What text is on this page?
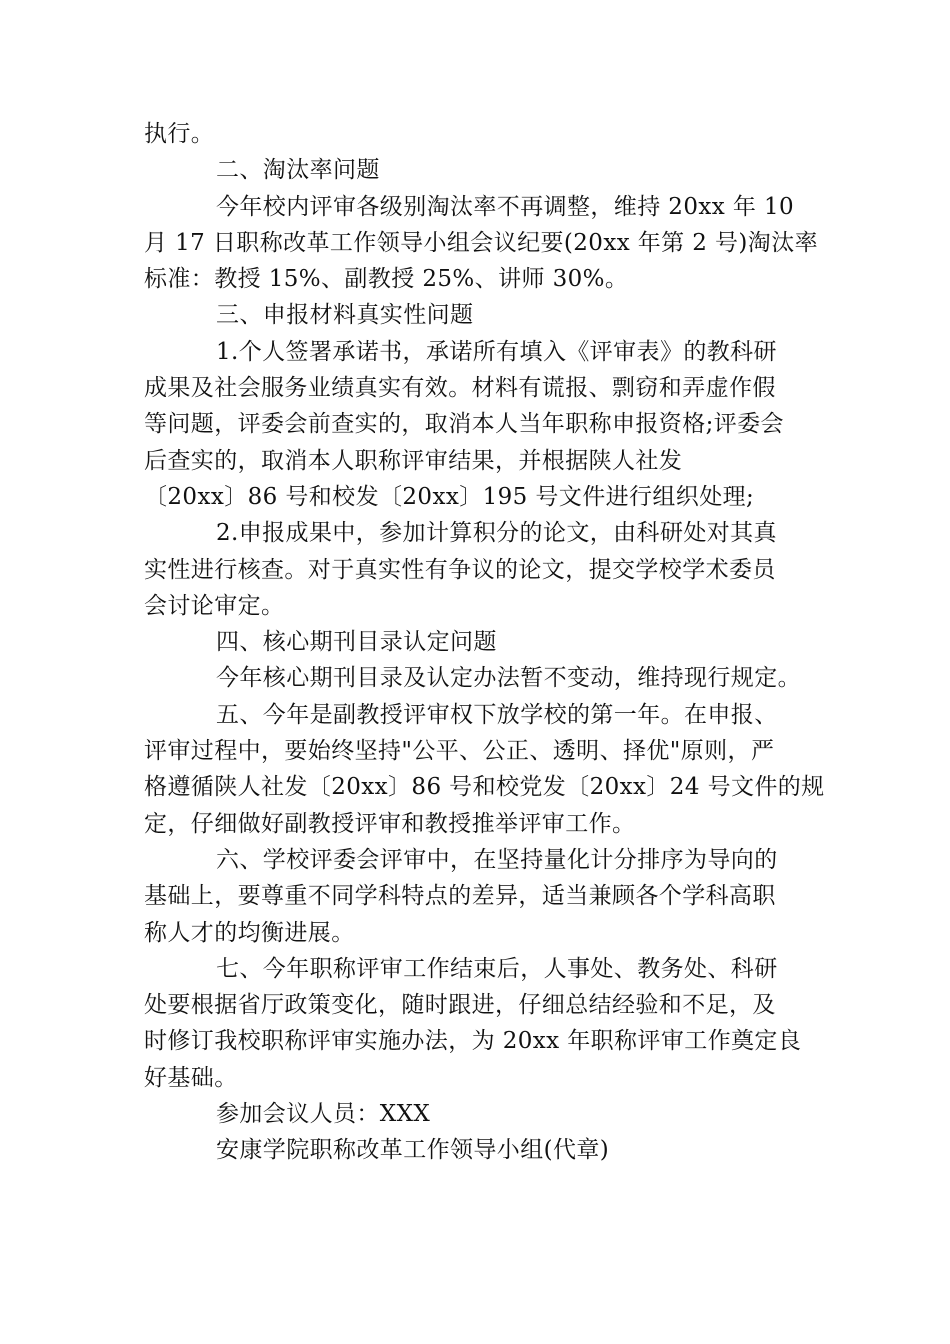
执行。
二、淘汰率问题
今年校内评审各级别淘汰率不再调整，维持 20xx 年 10
月 17 日职称改革工作领导小组会议纪要(20xx 年第 2 号)淘汰率
标准：教授 15%、副教授 25%、讲师 30%。
三、申报材料真实性问题
1.个人签署承诺书，承诺所有填入《评审表》的教科研
成果及社会服务业绩真实有效。材料有谎报、剽窃和弄虚作假
等问题，评委会前查实的，取消本人当年职称申报资格;评委会
后查实的，取消本人职称评审结果，并根据陕人社发
〔20xx〕86 号和校发〔20xx〕195 号文件进行组织处理;
2.申报成果中，参加计算积分的论文，由科研处对其真
实性进行核查。对于真实性有争议的论文，提交学校学术委员
会讨论审定。
四、核心期刊目录认定问题
今年核心期刊目录及认定办法暂不变动，维持现行规定。
五、今年是副教授评审权下放学校的第一年。在申报、
评审过程中，要始终坚持"公平、公正、透明、择优"原则，严
格遵循陕人社发〔20xx〕86 号和校党发〔20xx〕24 号文件的规
定，仔细做好副教授评审和教授推举评审工作。
六、学校评委会评审中，在坚持量化计分排序为导向的
基础上，要尊重不同学科特点的差异，适当兼顾各个学科高职
称人才的均衡进展。
七、今年职称评审工作结束后，人事处、教务处、科研
处要根据省厅政策变化，随时跟进，仔细总结经验和不足，及
时修订我校职称评审实施办法，为 20xx 年职称评审工作奠定良
好基础。
参加会议人员：XXX
安康学院职称改革工作领导小组(代章)
